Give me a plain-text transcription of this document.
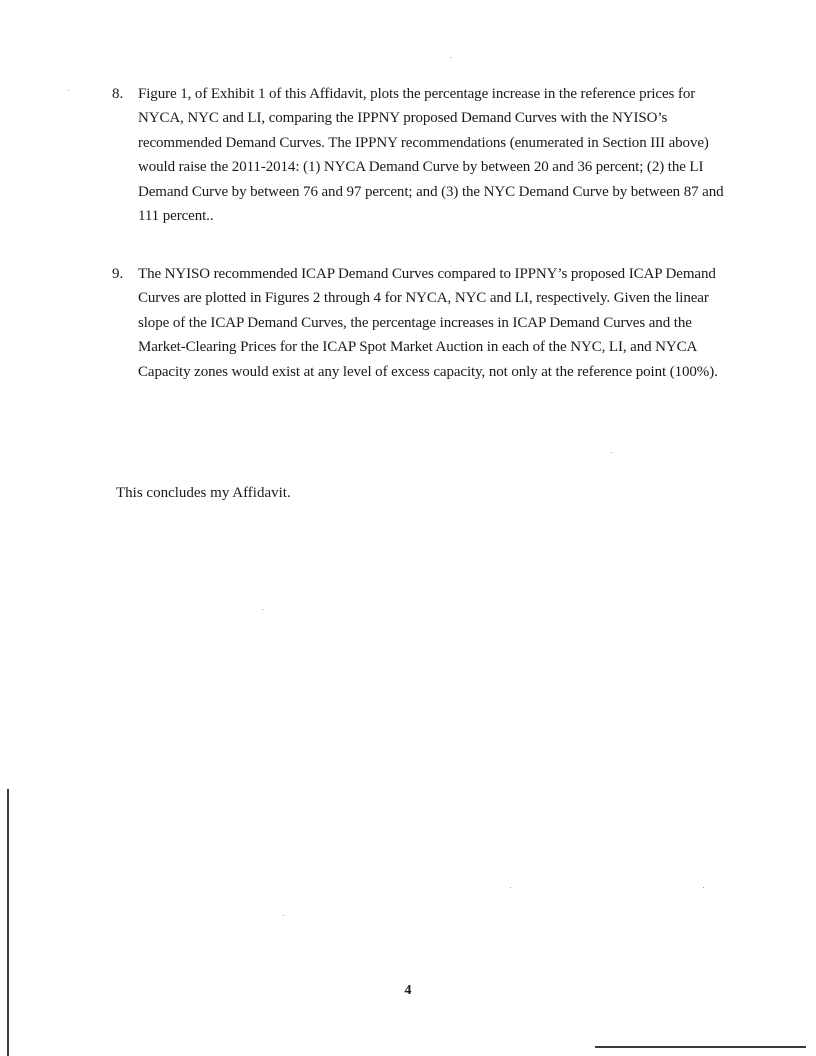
8. Figure 1, of Exhibit 1 of this Affidavit, plots the percentage increase in the reference prices for NYCA, NYC and LI, comparing the IPPNY proposed Demand Curves with the NYISO’s recommended Demand Curves. The IPPNY recommendations (enumerated in Section III above) would raise the 2011-2014: (1) NYCA Demand Curve by between 20 and 36 percent; (2) the LI Demand Curve by between 76 and 97 percent; and (3) the NYC Demand Curve by between 87 and 111 percent..
9. The NYISO recommended ICAP Demand Curves compared to IPPNY’s proposed ICAP Demand Curves are plotted in Figures 2 through 4 for NYCA, NYC and LI, respectively. Given the linear slope of the ICAP Demand Curves, the percentage increases in ICAP Demand Curves and the Market-Clearing Prices for the ICAP Spot Market Auction in each of the NYC, LI, and NYCA Capacity zones would exist at any level of excess capacity, not only at the reference point (100%).

This concludes my Affidavit.

4
